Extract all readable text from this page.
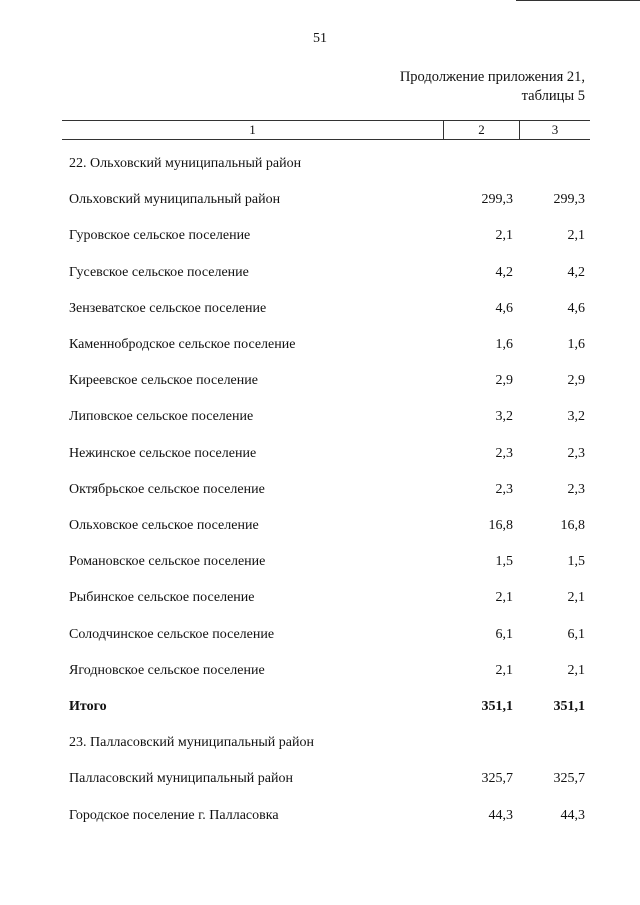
51
Продолжение приложения 21,
таблицы 5
1	2	3
22. Ольховский муниципальный район
Ольховский муниципальный район	299,3	299,3
Гуровское сельское поселение	2,1	2,1
Гусевское сельское поселение	4,2	4,2
Зензеватское сельское поселение	4,6	4,6
Каменнобродское сельское поселение	1,6	1,6
Киреевское сельское поселение	2,9	2,9
Липовское сельское поселение	3,2	3,2
Нежинское сельское поселение	2,3	2,3
Октябрьское сельское поселение	2,3	2,3
Ольховское сельское поселение	16,8	16,8
Романовское сельское поселение	1,5	1,5
Рыбинское сельское поселение	2,1	2,1
Солодчинское сельское поселение	6,1	6,1
Ягодновское сельское поселение	2,1	2,1
Итого	351,1	351,1
23. Палласовский муниципальный район
Палласовский муниципальный район	325,7	325,7
Городское поселение г. Палласовка	44,3	44,3
